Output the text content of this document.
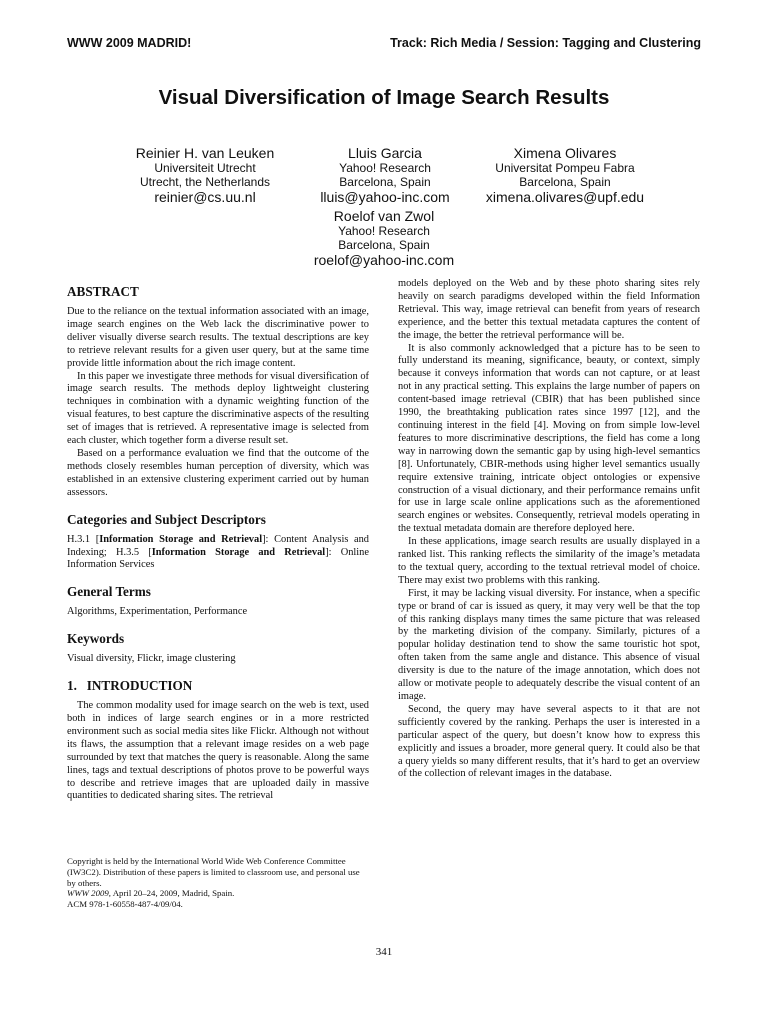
WWW 2009 MADRID!	Track: Rich Media / Session: Tagging and Clustering
Visual Diversification of Image Search Results
Reinier H. van Leuken
Universiteit Utrecht
Utrecht, the Netherlands
reinier@cs.uu.nl
Lluis Garcia
Yahoo! Research
Barcelona, Spain
lluis@yahoo-inc.com
Ximena Olivares
Universitat Pompeu Fabra
Barcelona, Spain
ximena.olivares@upf.edu
Roelof van Zwol
Yahoo! Research
Barcelona, Spain
roelof@yahoo-inc.com
ABSTRACT

Due to the reliance on the textual information associated with an image, image search engines on the Web lack the discriminative power to deliver visually diverse search results. The textual descriptions are key to retrieve relevant results for a given user query, but at the same time provide little information about the rich image content.

In this paper we investigate three methods for visual diversification of image search results. The methods deploy lightweight clustering techniques in combination with a dynamic weighting function of the visual features, to best capture the discriminative aspects of the resulting set of images that is retrieved. A representative image is selected from each cluster, which together form a diverse result set.

Based on a performance evaluation we find that the outcome of the methods closely resembles human perception of diversity, which was established in an extensive clustering experiment carried out by human assessors.

Categories and Subject Descriptors

H.3.1 [Information Storage and Retrieval]: Content Analysis and Indexing; H.3.5 [Information Storage and Retrieval]: Online Information Services

General Terms

Algorithms, Experimentation, Performance

Keywords

Visual diversity, Flickr, image clustering

1.   INTRODUCTION

The common modality used for image search on the web is text, used both in indices of large search engines or in a more restricted environment such as social media sites like Flickr. Although not without its flaws, the assumption that a relevant image resides on a web page surrounded by text that matches the query is reasonable. Along the same lines, tags and textual descriptions of photos prove to be powerful ways to describe and retrieve images that are uploaded daily in massive quantities to dedicated sharing sites. The retrieval

Copyright is held by the International World Wide Web Conference Committee (IW3C2). Distribution of these papers is limited to classroom use, and personal use by others.
WWW 2009, April 20–24, 2009, Madrid, Spain.
ACM 978-1-60558-487-4/09/04.

models deployed on the Web and by these photo sharing sites rely heavily on search paradigms developed within the field Information Retrieval. This way, image retrieval can benefit from years of research experience, and the better this textual metadata captures the content of the image, the better the retrieval performance will be.

It is also commonly acknowledged that a picture has to be seen to fully understand its meaning, significance, beauty, or context, simply because it conveys information that words can not capture, or at least not in any practical setting. This explains the large number of papers on content-based image retrieval (CBIR) that has been published since 1990, the breathtaking publication rates since 1997 [12], and the continuing interest in the field [4]. Moving on from simple low-level features to more discriminative descriptions, the field has come a long way in narrowing down the semantic gap by using high-level semantics [8]. Unfortunately, CBIR-methods using higher level semantics usually require extensive training, intricate object ontologies or expensive construction of a visual dictionary, and their performance remains unfit for use in large scale online applications such as the aforementioned search engines or websites. Consequently, retrieval models operating in the textual metadata domain are therefore deployed here.

In these applications, image search results are usually displayed in a ranked list. This ranking reflects the similarity of the image’s metadata to the textual query, according to the textual retrieval model of choice. There may exist two problems with this ranking.

First, it may be lacking visual diversity. For instance, when a specific type or brand of car is issued as query, it may very well be that the top of this ranking displays many times the same picture that was released by the marketing division of the company. Similarly, pictures of a popular holiday destination tend to show the same touristic hot spot, often taken from the same angle and distance. This absence of visual diversity is due to the nature of the image annotation, which does not allow or motivate people to adequately describe the visual content of an image.

Second, the query may have several aspects to it that are not sufficiently covered by the ranking. Perhaps the user is interested in a particular aspect of the query, but doesn’t know how to express this explicitly and issues a broader, more general query. It could also be that a query yields so many different results, that it’s hard to get an overview of the collection of relevant images in the database.

341
